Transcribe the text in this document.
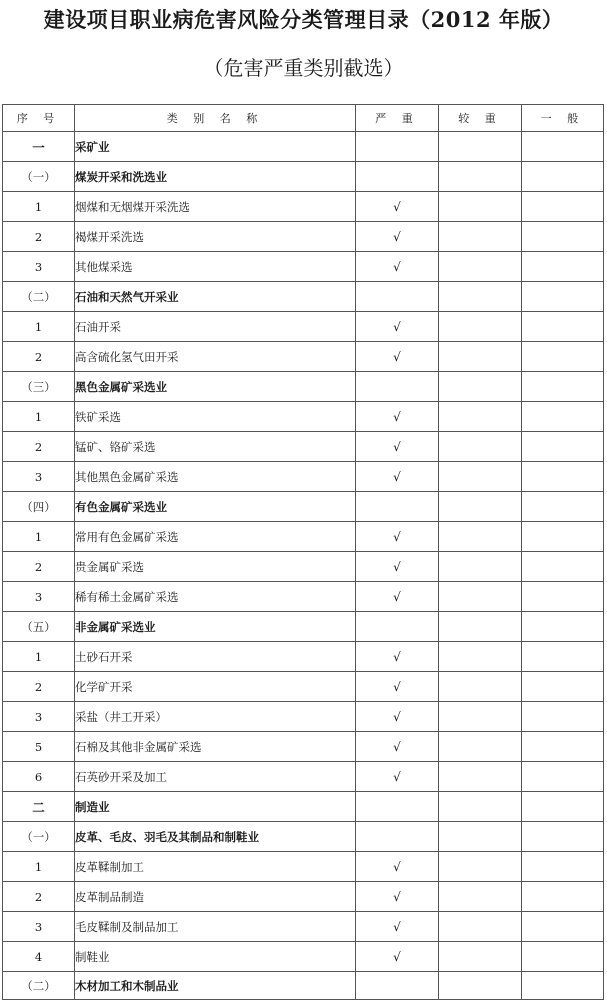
建设项目职业病危害风险分类管理目录（2012 年版）
（危害严重类别截选）
序 号	类 别 名 称	严 重	较 重	一 般
一	采矿业			
（一）	煤炭开采和洗选业			
1	烟煤和无烟煤开采洗选	√		
2	褐煤开采洗选	√		
3	其他煤采选	√		
（二）	石油和天然气开采业			
1	石油开采	√		
2	高含硫化氢气田开采	√		
（三）	黑色金属矿采选业			
1	铁矿采选	√		
2	锰矿、铬矿采选	√		
3	其他黑色金属矿采选	√		
（四）	有色金属矿采选业			
1	常用有色金属矿采选	√		
2	贵金属矿采选	√		
3	稀有稀土金属矿采选	√		
（五）	非金属矿采选业			
1	土砂石开采	√		
2	化学矿开采	√		
3	采盐（井工开采）	√		
5	石棉及其他非金属矿采选	√		
6	石英砂开采及加工	√		
二	制造业			
（一）	皮革、毛皮、羽毛及其制品和制鞋业			
1	皮革鞣制加工	√		
2	皮革制品制造	√		
3	毛皮鞣制及制品加工	√		
4	制鞋业	√		
（二）	木材加工和木制品业			
